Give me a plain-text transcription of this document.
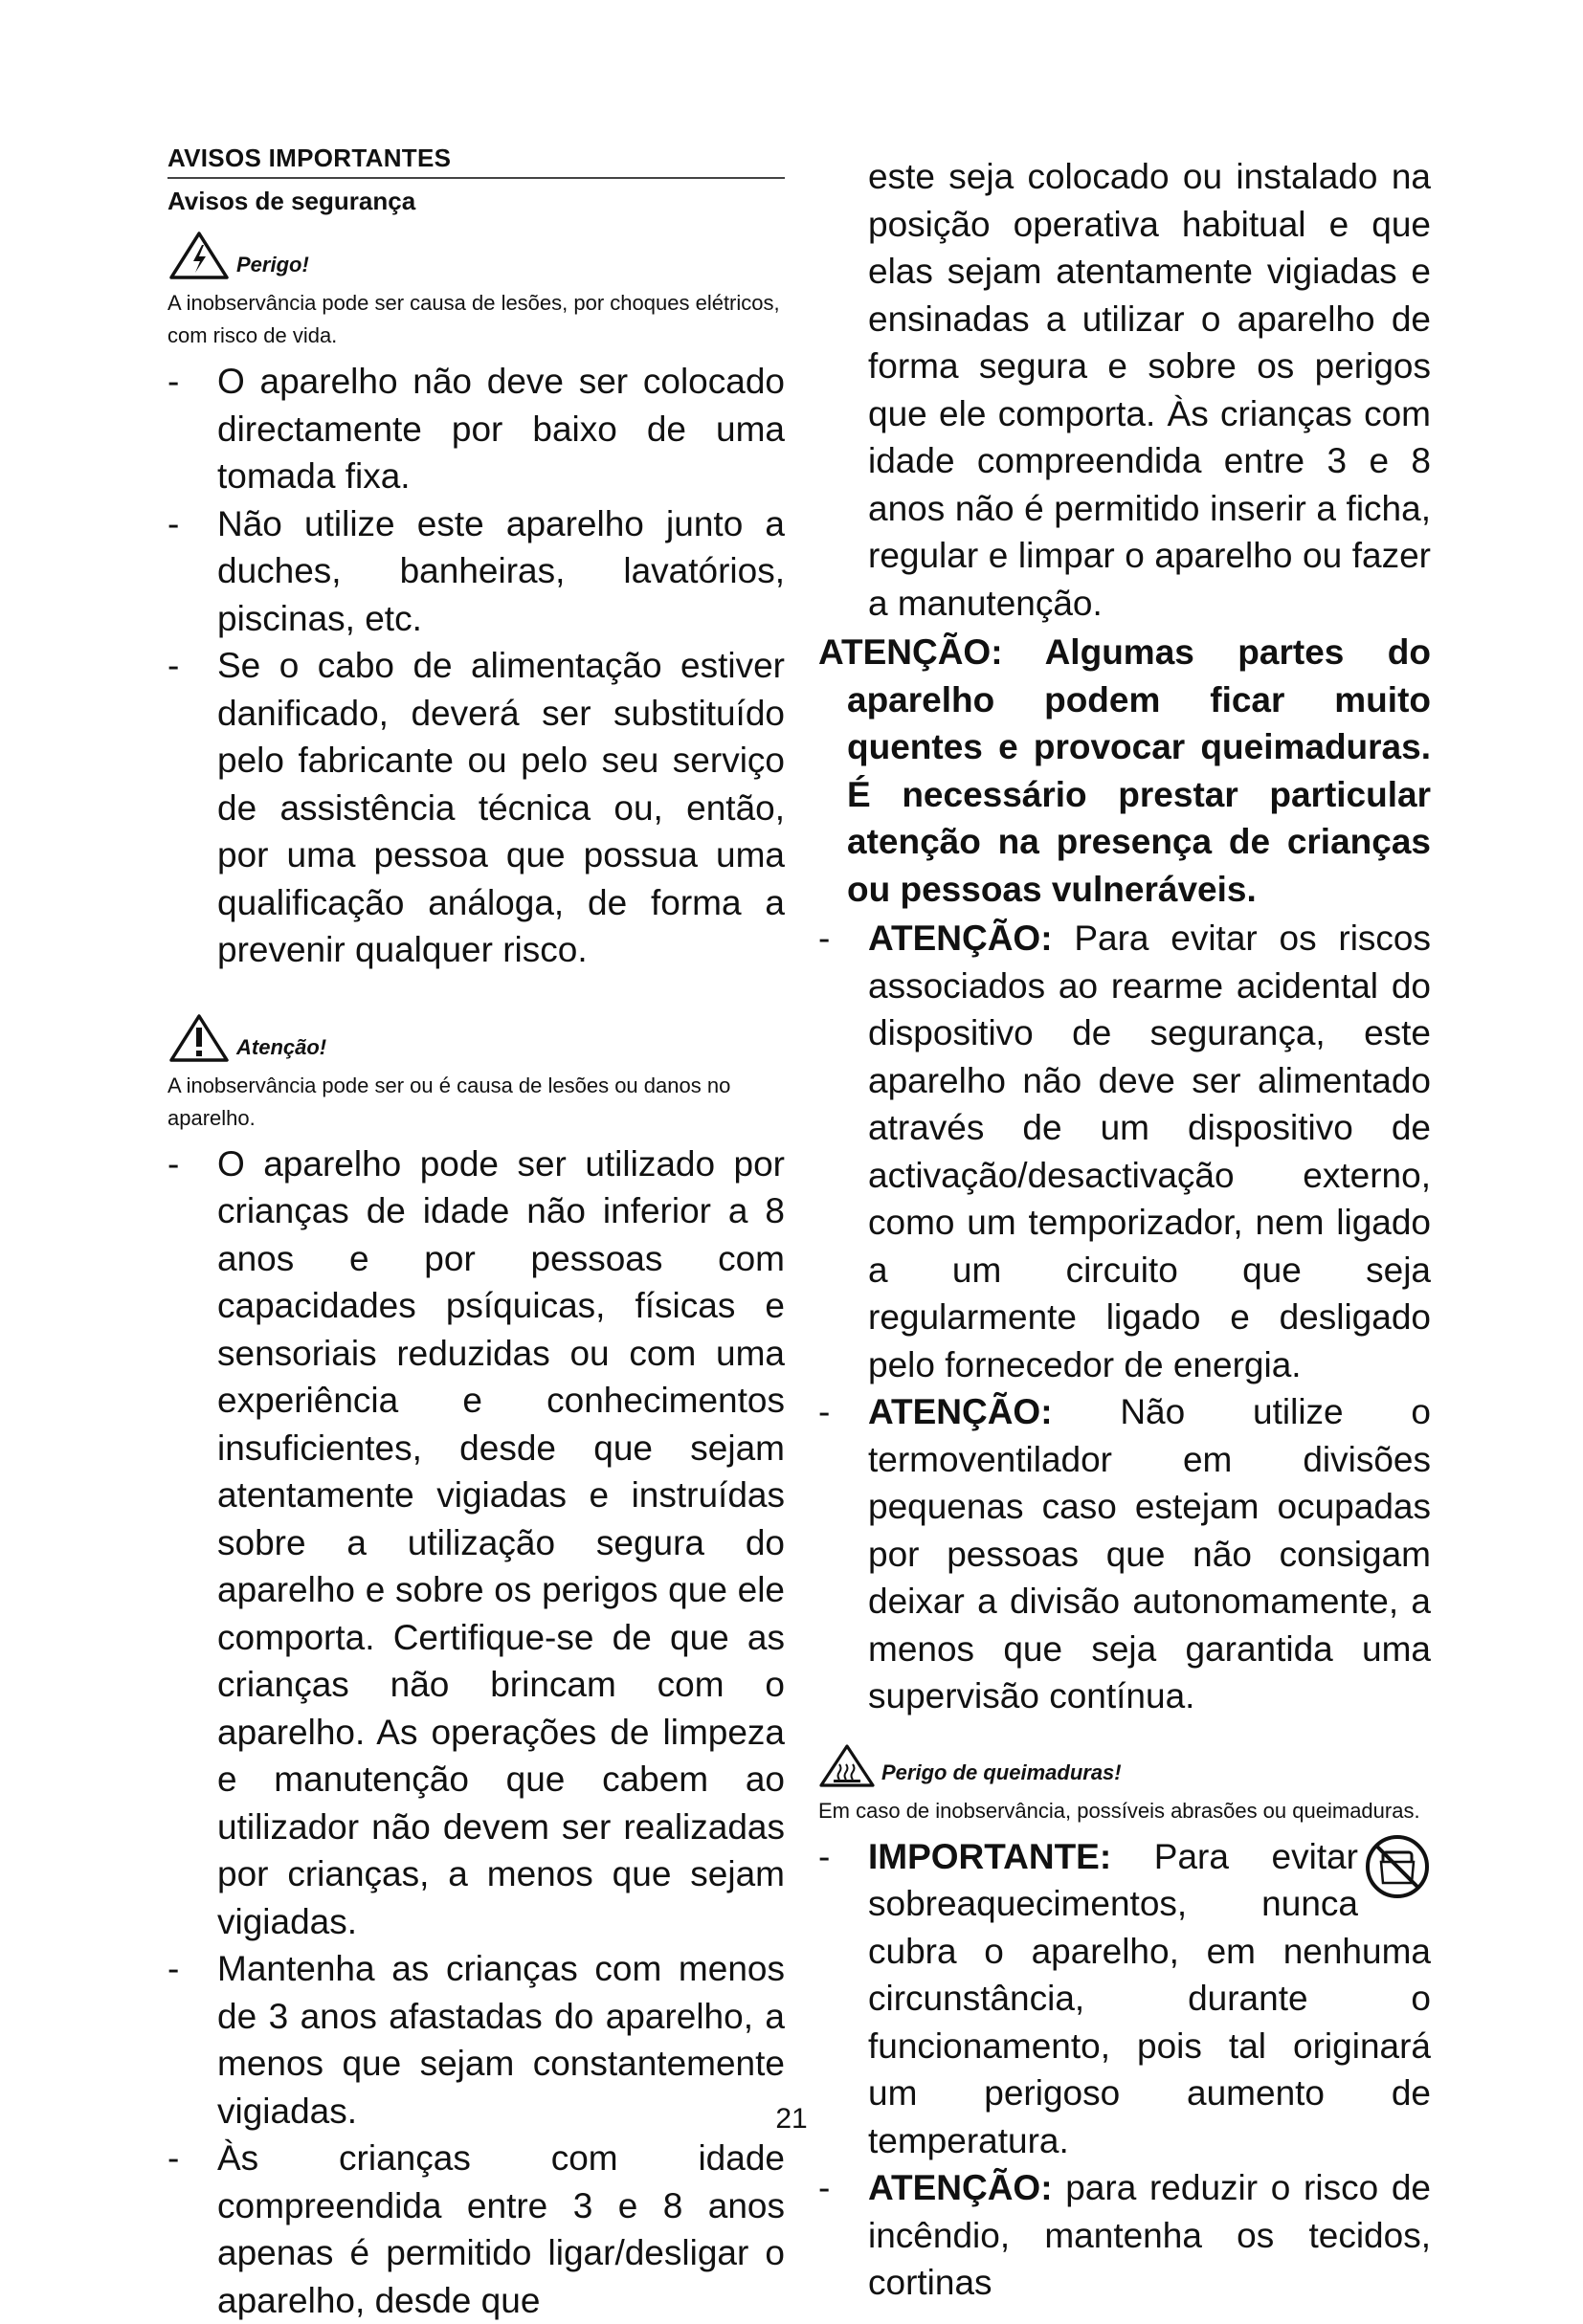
AVISOS IMPORTANTES
Avisos de segurança
Perigo!

A inobservância pode ser causa de lesões, por choques elétricos, com risco de vida.

-	O aparelho não deve ser colocado directamente por baixo de uma tomada fixa.
-	Não utilize este aparelho junto a duches, banheiras, lavatórios, piscinas, etc.
-	Se o cabo de alimentação estiver danificado, deverá ser substituído pelo fabricante ou pelo seu serviço de assistência técnica ou, então, por uma pessoa que possua uma qualificação análoga, de forma a prevenir qualquer risco.
Atenção!

A inobservância pode ser ou é causa de lesões ou danos no aparelho.

-	O aparelho pode ser utilizado por crianças de idade não inferior a 8 anos e por pessoas com capacidades psíquicas, físicas e sensoriais reduzidas ou com uma experiência e conhecimentos insuficientes, desde que sejam atentamente vigiadas e instruídas sobre a utilização segura do aparelho e sobre os perigos que ele comporta. Certifique-se de que as crianças não brincam com o aparelho. As operações de limpeza e manutenção que cabem ao utilizador não devem ser realizadas por crianças, a menos que sejam vigiadas.
-	Mantenha as crianças com menos de 3 anos afastadas do aparelho, a menos que sejam constantemente vigiadas.
-	Às crianças com idade compreendida entre 3 e 8 anos apenas é permitido ligar/desligar o aparelho, desde que
este seja colocado ou instalado na posição operativa habitual e que elas sejam atentamente vigiadas e ensinadas a utilizar o aparelho de forma segura e sobre os perigos que ele comporta. Às crianças com idade compreendida entre 3 e 8 anos não é permitido inserir a ficha, regular e limpar o aparelho ou fazer a manutenção.
ATENÇÃO: Algumas partes do aparelho podem ficar muito quentes e provocar queimaduras. É necessário prestar particular atenção na presença de crianças ou pessoas vulneráveis.
-	ATENÇÃO: Para evitar os riscos associados ao rearme acidental do dispositivo de segurança, este aparelho não deve ser alimentado através de um dispositivo de activação/desactivação externo, como um temporizador, nem ligado a um circuito que seja regularmente ligado e desligado pelo fornecedor de energia.
-	ATENÇÃO: Não utilize o termoventilador em divisões pequenas caso estejam ocupadas por pessoas que não consigam deixar a divisão autonomamente, a menos que seja garantida uma supervisão contínua.
Perigo de queimaduras!

Em caso de inobservância, possíveis abrasões ou queimaduras.

-	IMPORTANTE: Para evitar sobreaquecimentos, nunca cubra o aparelho, em nenhuma circunstância, durante o funcionamento, pois tal originará um perigoso aumento de temperatura.
-	ATENÇÃO: para reduzir o risco de incêndio, mantenha os tecidos, cortinas
21
